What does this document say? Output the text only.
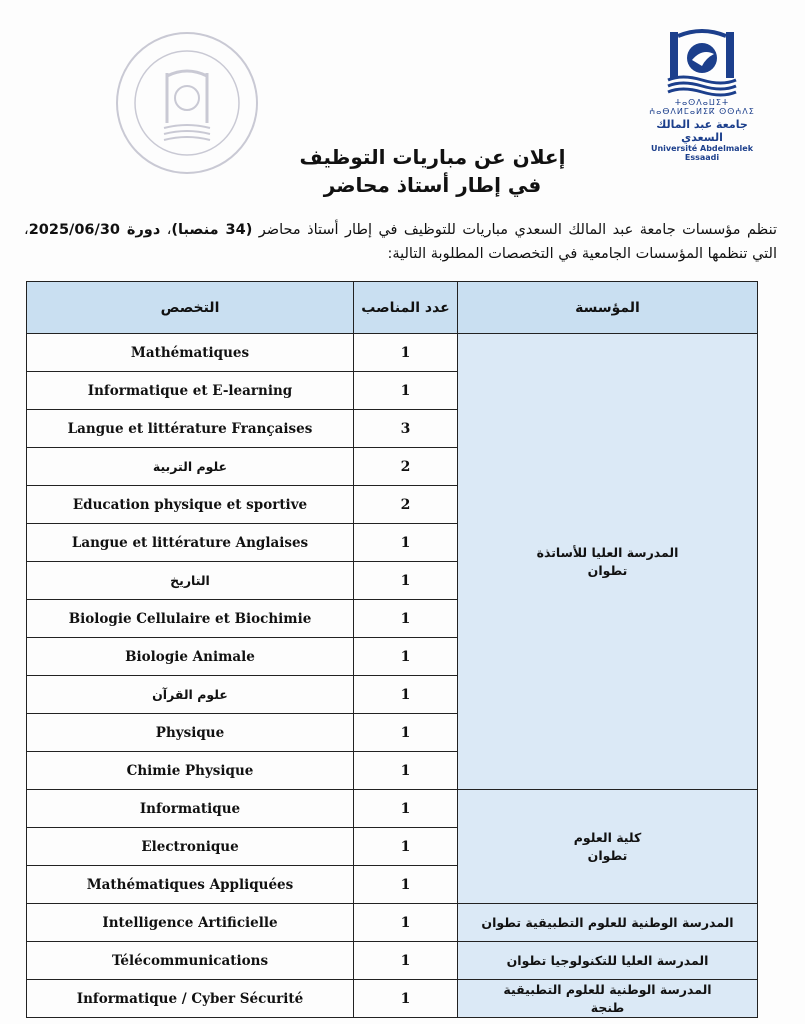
ⵜⴰⵙⴷⴰⵡⵉⵜ ⵄⴰⴱⴷⵍⵎⴰⵍⵉⴽ ⵙⵙⵄⴷⵉ
جامعة عبد المالك السعدي
Université Abdelmalek Essaadi
إعلان عن مباريات التوظيف
في إطار أستاذ محاضر
تنظم مؤسسات جامعة عبد المالك السعدي مباريات للتوظيف في إطار أستاذ محاضر (34 منصبا)، دورة 2025/06/30، التي تنظمها المؤسسات الجامعية في التخصصات المطلوبة التالية:
المؤسسة	عدد المناصب	التخصص

المدرسة العليا للأساتذة
تطوان	1	Mathématiques
	1	Informatique et E-learning
	3	Langue et littérature Françaises
	2	علوم التربية
	2	Education physique et sportive
	1	Langue et littérature Anglaises
	1	التاريخ
	1	Biologie Cellulaire et Biochimie
	1	Biologie Animale
	1	علوم القرآن
	1	Physique
	1	Chimie Physique

كلية العلوم
تطوان	1	Informatique
	1	Electronique
	1	Mathématiques Appliquées

المدرسة الوطنية للعلوم التطبيقية تطوان	1	Intelligence Artificielle

المدرسة العليا للتكنولوجيا تطوان	1	Télécommunications

المدرسة الوطنية للعلوم التطبيقية
طنجة	1	Informatique / Cyber Sécurité
